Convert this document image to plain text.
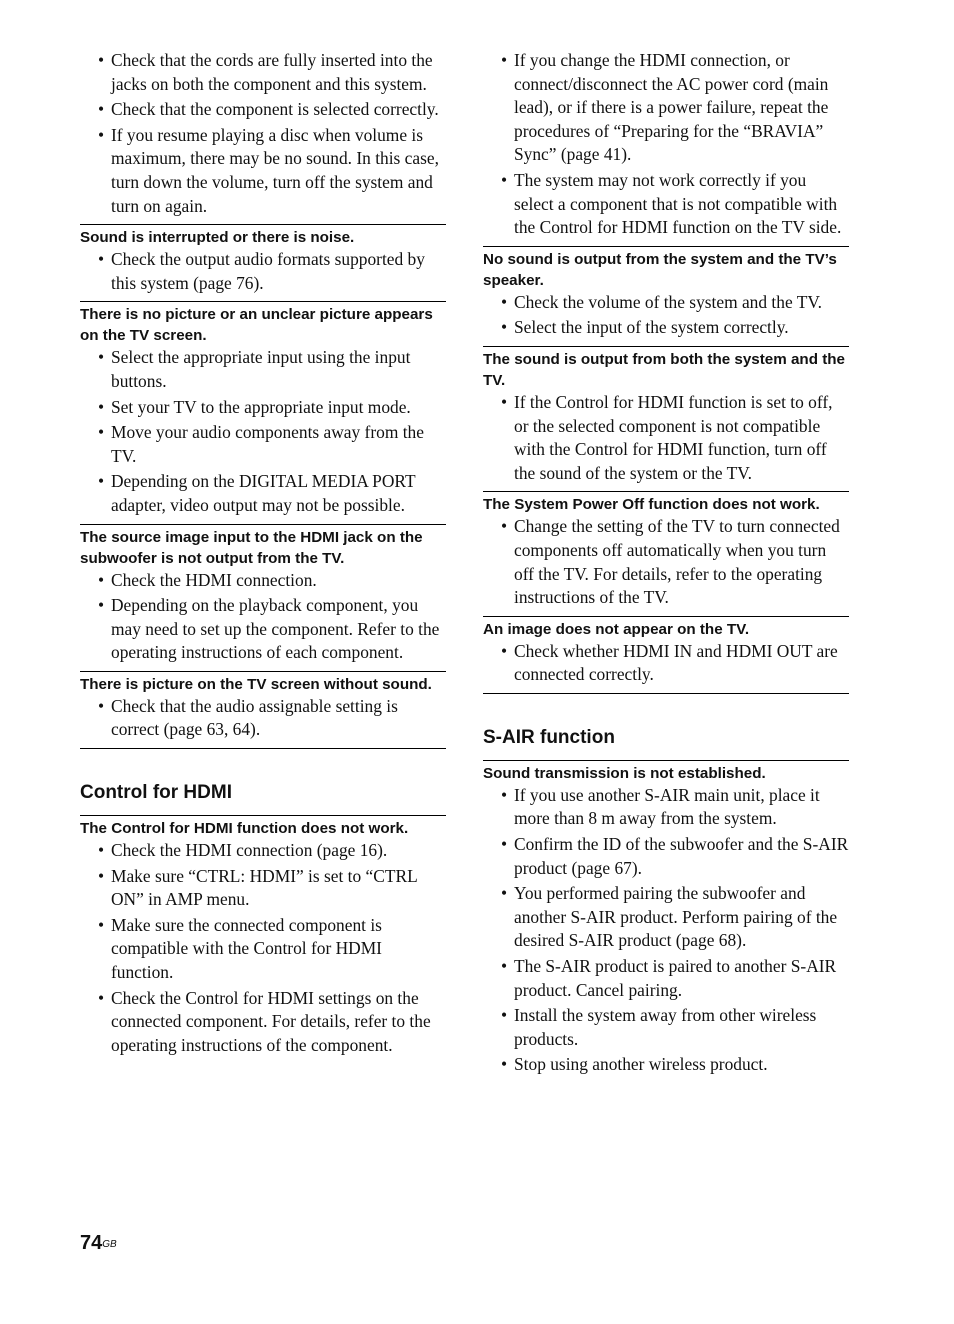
• Check that the cords are fully inserted into the jacks on both the component and this system.
• Check that the component is selected correctly.
• If you resume playing a disc when volume is maximum, there may be no sound. In this case, turn down the volume, turn off the system and turn on again.
Sound is interrupted or there is noise.
• Check the output audio formats supported by this system (page 76).
There is no picture or an unclear picture appears on the TV screen.
• Select the appropriate input using the input buttons.
• Set your TV to the appropriate input mode.
• Move your audio components away from the TV.
• Depending on the DIGITAL MEDIA PORT adapter, video output may not be possible.
The source image input to the HDMI jack on the subwoofer is not output from the TV.
• Check the HDMI connection.
• Depending on the playback component, you may need to set up the component. Refer to the operating instructions of each component.
There is picture on the TV screen without sound.
• Check that the audio assignable setting is correct (page 63, 64).
Control for HDMI
The Control for HDMI function does not work.
• Check the HDMI connection (page 16).
• Make sure “CTRL: HDMI” is set to “CTRL ON” in AMP menu.
• Make sure the connected component is compatible with the Control for HDMI function.
• Check the Control for HDMI settings on the connected component. For details, refer to the operating instructions of the component.
• If you change the HDMI connection, or connect/disconnect the AC power cord (main lead), or if there is a power failure, repeat the procedures of “Preparing for the “BRAVIA” Sync” (page 41).
• The system may not work correctly if you select a component that is not compatible with the Control for HDMI function on the TV side.
No sound is output from the system and the TV’s speaker.
• Check the volume of the system and the TV.
• Select the input of the system correctly.
The sound is output from both the system and the TV.
• If the Control for HDMI function is set to off, or the selected component is not compatible with the Control for HDMI function, turn off the sound of the system or the TV.
The System Power Off function does not work.
• Change the setting of the TV to turn connected components off automatically when you turn off the TV. For details, refer to the operating instructions of the TV.
An image does not appear on the TV.
• Check whether HDMI IN and HDMI OUT are connected correctly.
S-AIR function
Sound transmission is not established.
• If you use another S-AIR main unit, place it more than 8 m away from the system.
• Confirm the ID of the subwoofer and the S-AIR product (page 67).
• You performed pairing the subwoofer and another S-AIR product. Perform pairing of the desired S-AIR product (page 68).
• The S-AIR product is paired to another S-AIR product. Cancel pairing.
• Install the system away from other wireless products.
• Stop using another wireless product.
$74^{GB}$
